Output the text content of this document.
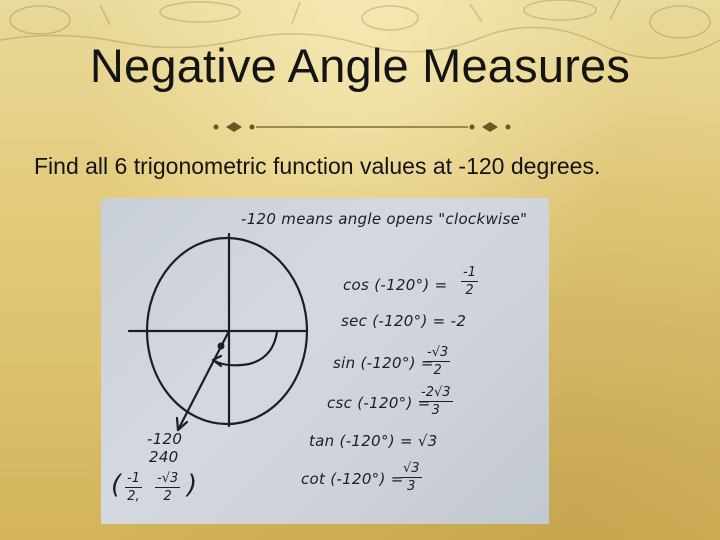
Negative Angle Measures
Find all 6 trigonometric function values at -120 degrees.
-120 means angle opens "clockwise"
-120
240
( $\frac{-1}{2,} \frac{-√3}{2}$ )
$\cos (-120^\circ) = \frac{-1}{2}$
sec (-120°) = -2
sin (-120°) =
$\frac{-√3}{2}$
csc (-120°) =
$\frac{-2√3}{3}$
tan (-120°) = √3
cot (-120°) =
$\frac{√3}{3}$
